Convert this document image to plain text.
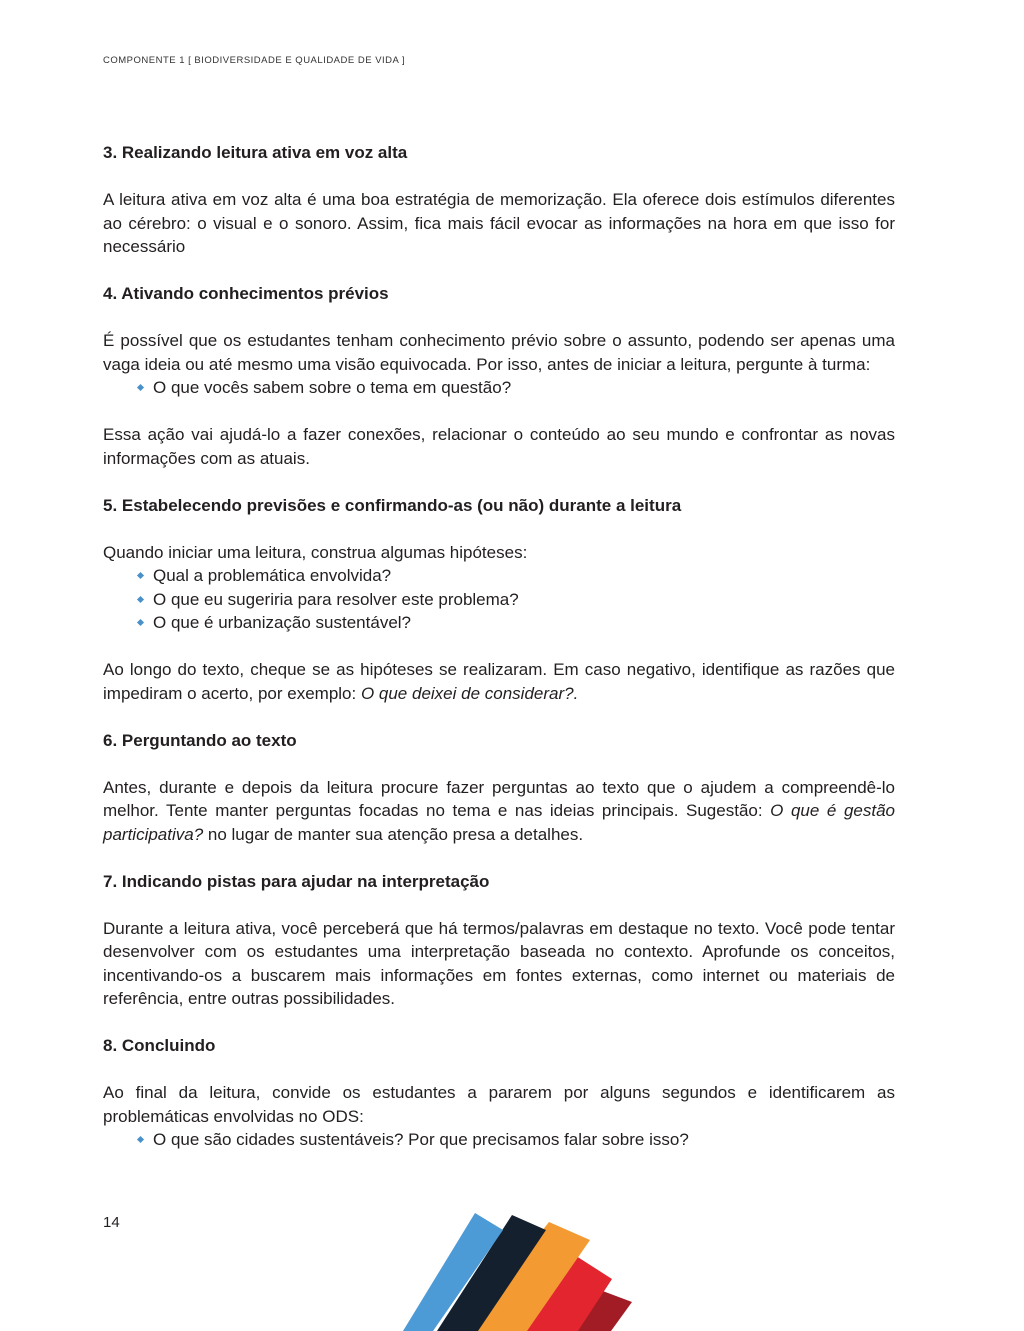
COMPONENTE 1 [ BIODIVERSIDADE E QUALIDADE DE VIDA ]
3. Realizando leitura ativa em voz alta

A leitura ativa em voz alta é uma boa estratégia de memorização. Ela oferece dois estímulos diferentes ao cérebro: o visual e o sonoro. Assim, fica mais fácil evocar as informações na hora em que isso for necessário

4. Ativando conhecimentos prévios

É possível que os estudantes tenham conhecimento prévio sobre o assunto, podendo ser apenas uma vaga ideia ou até mesmo uma visão equivocada. Por isso, antes de iniciar a leitura, pergunte à turma:

O que vocês sabem sobre o tema em questão?

Essa ação vai ajudá-lo a fazer conexões, relacionar o conteúdo ao seu mundo e confrontar as novas informações com as atuais.

5. Estabelecendo previsões e confirmando-as (ou não) durante a leitura

Quando iniciar uma leitura, construa algumas hipóteses:

Qual a problemática envolvida?
O que eu sugeriria para resolver este problema?
O que é urbanização sustentável?

Ao longo do texto, cheque se as hipóteses se realizaram. Em caso negativo, identifique as razões que impediram o acerto, por exemplo: O que deixei de considerar?.

6. Perguntando ao texto

Antes, durante e depois da leitura procure fazer perguntas ao texto que o ajudem a compreendê-lo melhor. Tente manter perguntas focadas no tema e nas ideias principais. Sugestão: O que é gestão participativa? no lugar de manter sua atenção presa a detalhes.

7. Indicando pistas para ajudar na interpretação

Durante a leitura ativa, você perceberá que há termos/palavras em destaque no texto. Você pode tentar desenvolver com os estudantes uma interpretação baseada no contexto. Aprofunde os conceitos, incentivando-os a buscarem mais informações em fontes externas, como internet ou materiais de referência, entre outras possibilidades.

8. Concluindo

Ao final da leitura, convide os estudantes a pararem por alguns segundos e identificarem as problemáticas envolvidas no ODS:

O que são cidades sustentáveis? Por que precisamos falar sobre isso?
14
